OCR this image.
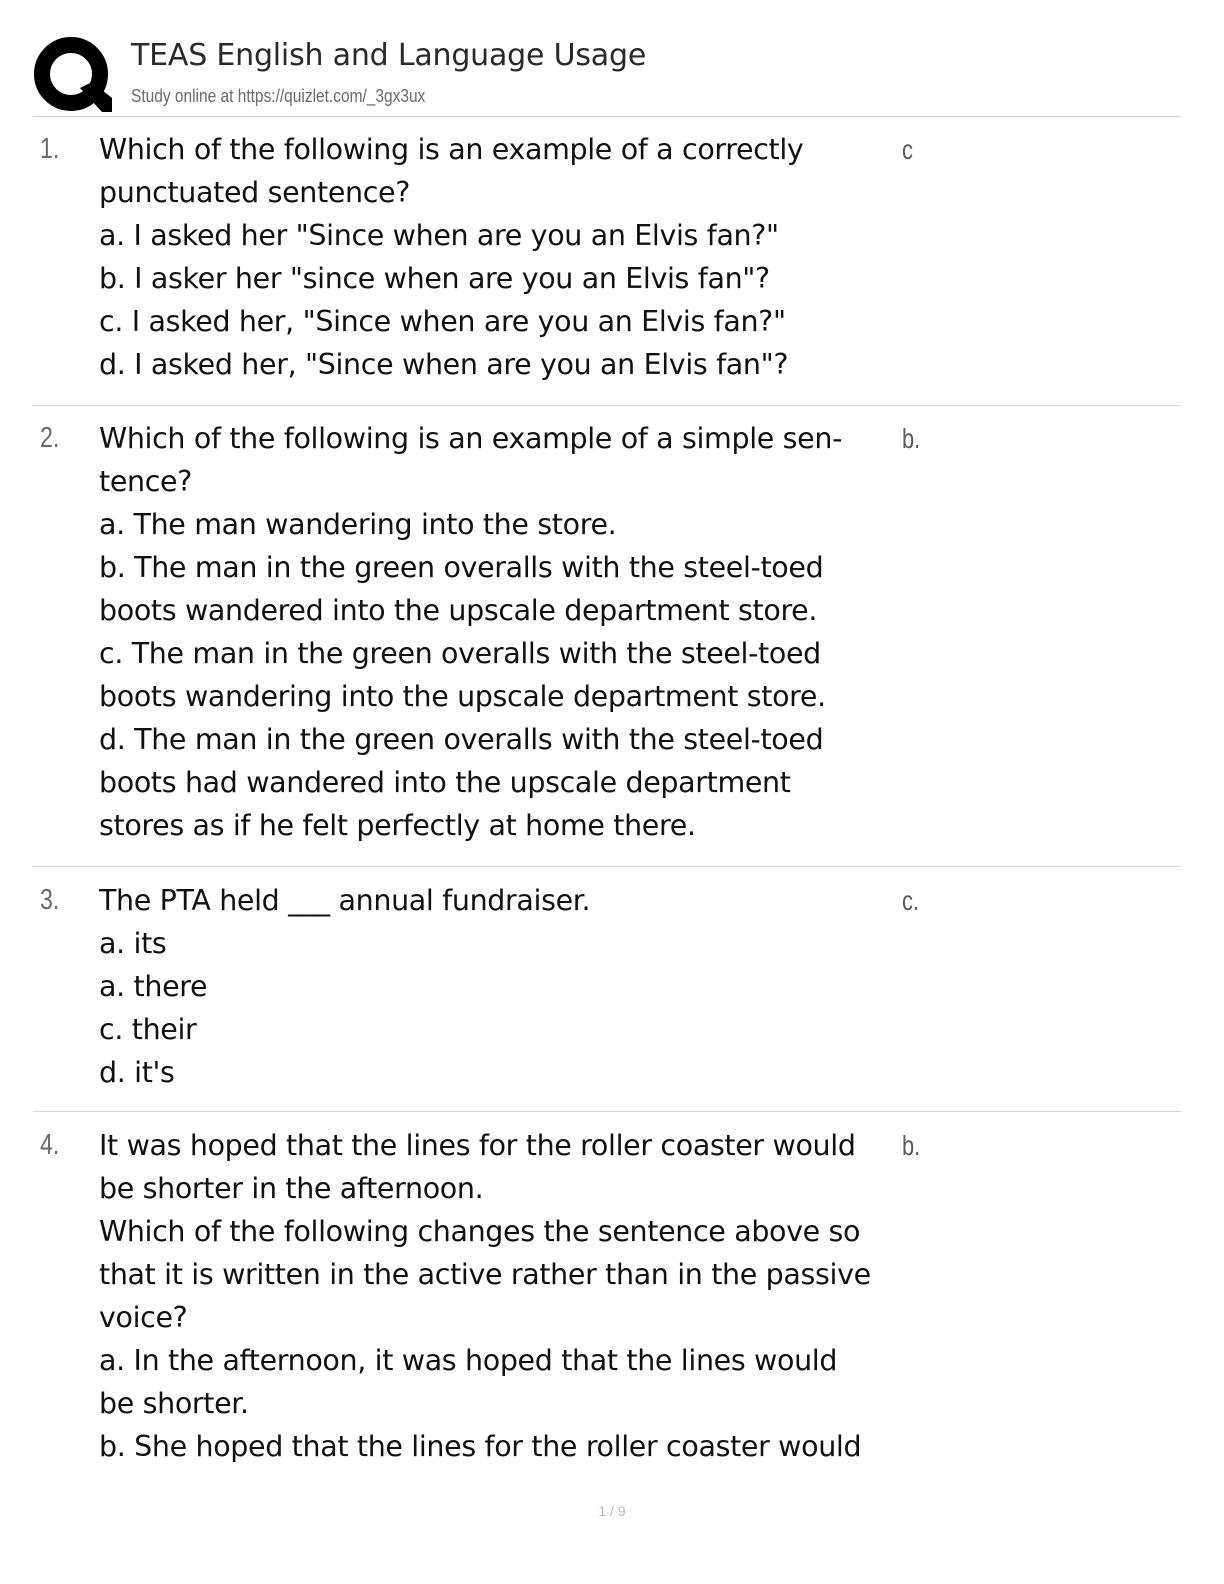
TEAS English and Language Usage
Study online at https://quizlet.com/_3gx3ux
1. Which of the following is an example of a correctly
punctuated sentence?
a. I asked her "Since when are you an Elvis fan?"
b. I asker her "since when are you an Elvis fan"?
c. I asked her, "Since when are you an Elvis fan?"
d. I asked her, "Since when are you an Elvis fan"?
c
2. Which of the following is an example of a simple sen-
tence?
a. The man wandering into the store.
b. The man in the green overalls with the steel-toed
boots wandered into the upscale department store.
c. The man in the green overalls with the steel-toed
boots wandering into the upscale department store.
d. The man in the green overalls with the steel-toed
boots had wandered into the upscale department
stores as if he felt perfectly at home there.
b.
3. The PTA held ___ annual fundraiser.
a. its
a. there
c. their
d. it's
c.
4. It was hoped that the lines for the roller coaster would
be shorter in the afternoon.
Which of the following changes the sentence above so
that it is written in the active rather than in the passive
voice?
a. In the afternoon, it was hoped that the lines would
be shorter.
b. She hoped that the lines for the roller coaster would
b.
1 / 9
